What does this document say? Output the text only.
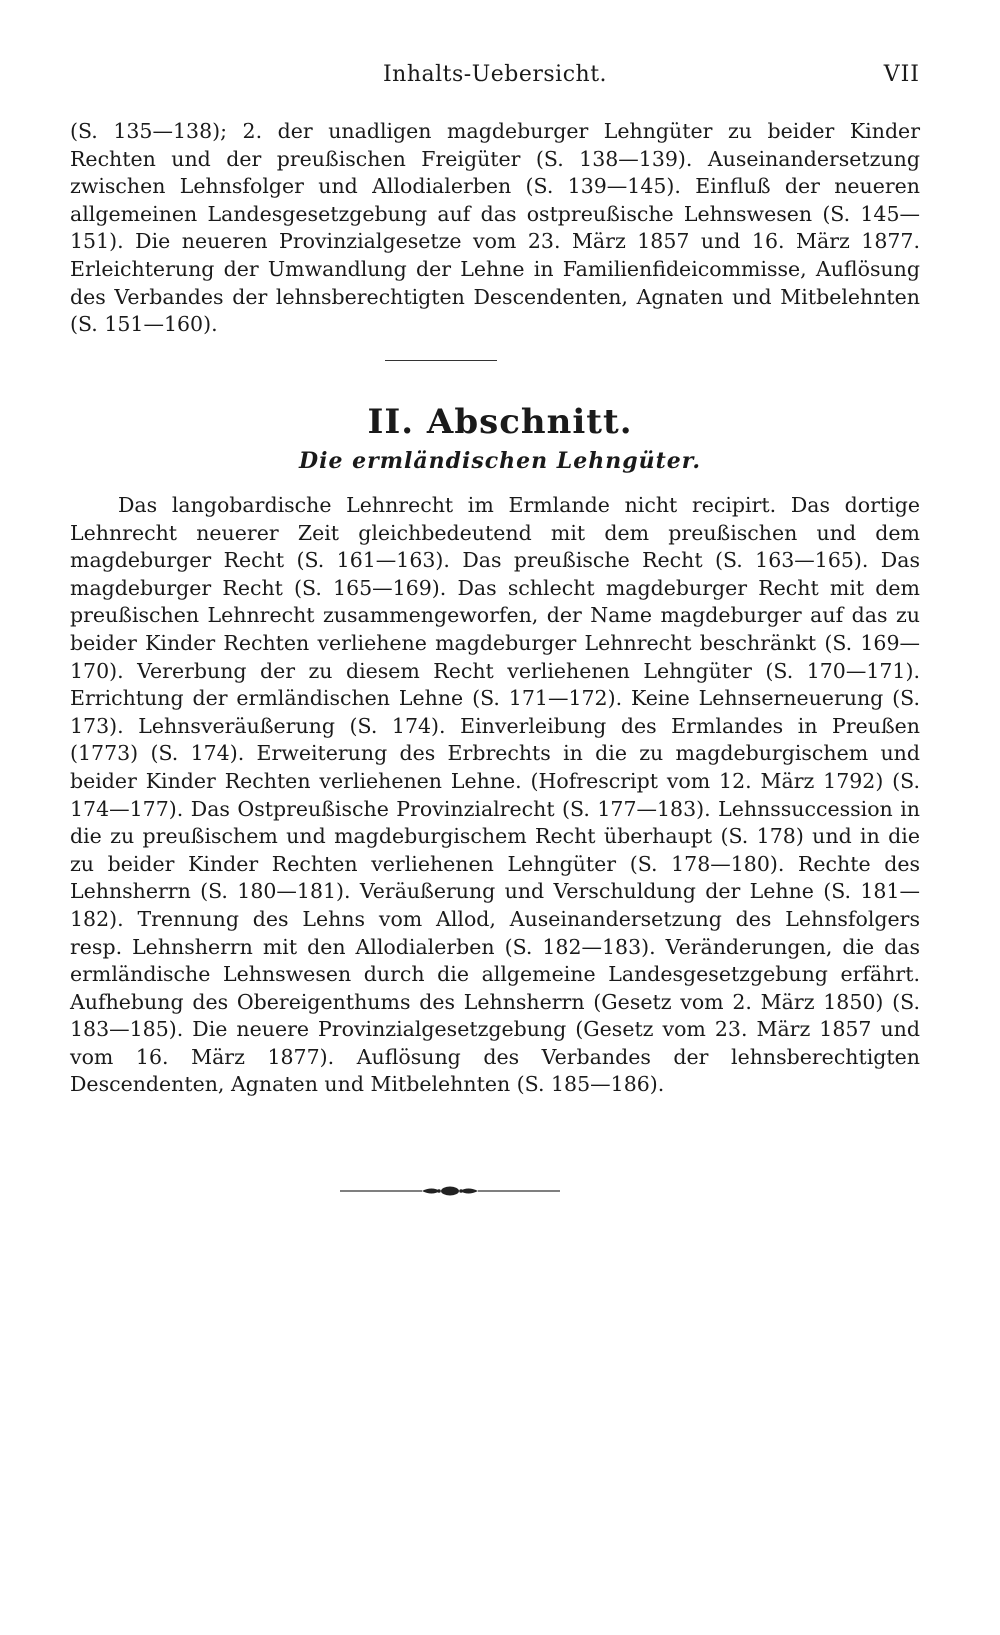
Inhalts-Uebersicht.	VII

(S. 135—138); 2. der unadligen magdeburger Lehngüter zu beider Kinder Rechten und der preußischen Freigüter (S. 138—139). Auseinandersetzung zwischen Lehnsfolger und Allodialerben (S. 139—145). Einfluß der neueren allgemeinen Landesgesetzgebung auf das ostpreußische Lehnswesen (S. 145—151). Die neueren Provinzialgesetze vom 23. März 1857 und 16. März 1877. Erleichterung der Umwandlung der Lehne in Familienfideicommisse, Auflösung des Verbandes der lehnsberechtigten Descendenten, Agnaten und Mitbelehnten (S. 151—160).

II. Abschnitt.
Die ermländischen Lehngüter.

Das langobardische Lehnrecht im Ermlande nicht recipirt. Das dortige Lehnrecht neuerer Zeit gleichbedeutend mit dem preußischen und dem magdeburger Recht (S. 161—163). Das preußische Recht (S. 163—165). Das magdeburger Recht (S. 165—169). Das schlecht magdeburger Recht mit dem preußischen Lehnrecht zusammengeworfen, der Name magdeburger auf das zu beider Kinder Rechten verliehene magdeburger Lehnrecht beschränkt (S. 169—170). Vererbung der zu diesem Recht verliehenen Lehngüter (S. 170—171). Errichtung der ermländischen Lehne (S. 171—172). Keine Lehnserneuerung (S. 173). Lehnsveräußerung (S. 174). Einverleibung des Ermlandes in Preußen (1773) (S. 174). Erweiterung des Erbrechts in die zu magdeburgischem und beider Kinder Rechten verliehenen Lehne. (Hofrescript vom 12. März 1792) (S. 174—177). Das Ostpreußische Provinzialrecht (S. 177—183). Lehnssuccession in die zu preußischem und magdeburgischem Recht überhaupt (S. 178) und in die zu beider Kinder Rechten verliehenen Lehngüter (S. 178—180). Rechte des Lehnsherrn (S. 180—181). Veräußerung und Verschuldung der Lehne (S. 181—182). Trennung des Lehns vom Allod, Auseinandersetzung des Lehnsfolgers resp. Lehnsherrn mit den Allodialerben (S. 182—183). Veränderungen, die das ermländische Lehnswesen durch die allgemeine Landesgesetzgebung erfährt. Aufhebung des Obereigenthums des Lehnsherrn (Gesetz vom 2. März 1850) (S. 183—185). Die neuere Provinzialgesetzgebung (Gesetz vom 23. März 1857 und vom 16. März 1877). Auflösung des Verbandes der lehnsberechtigten Descendenten, Agnaten und Mitbelehnten (S. 185—186).
